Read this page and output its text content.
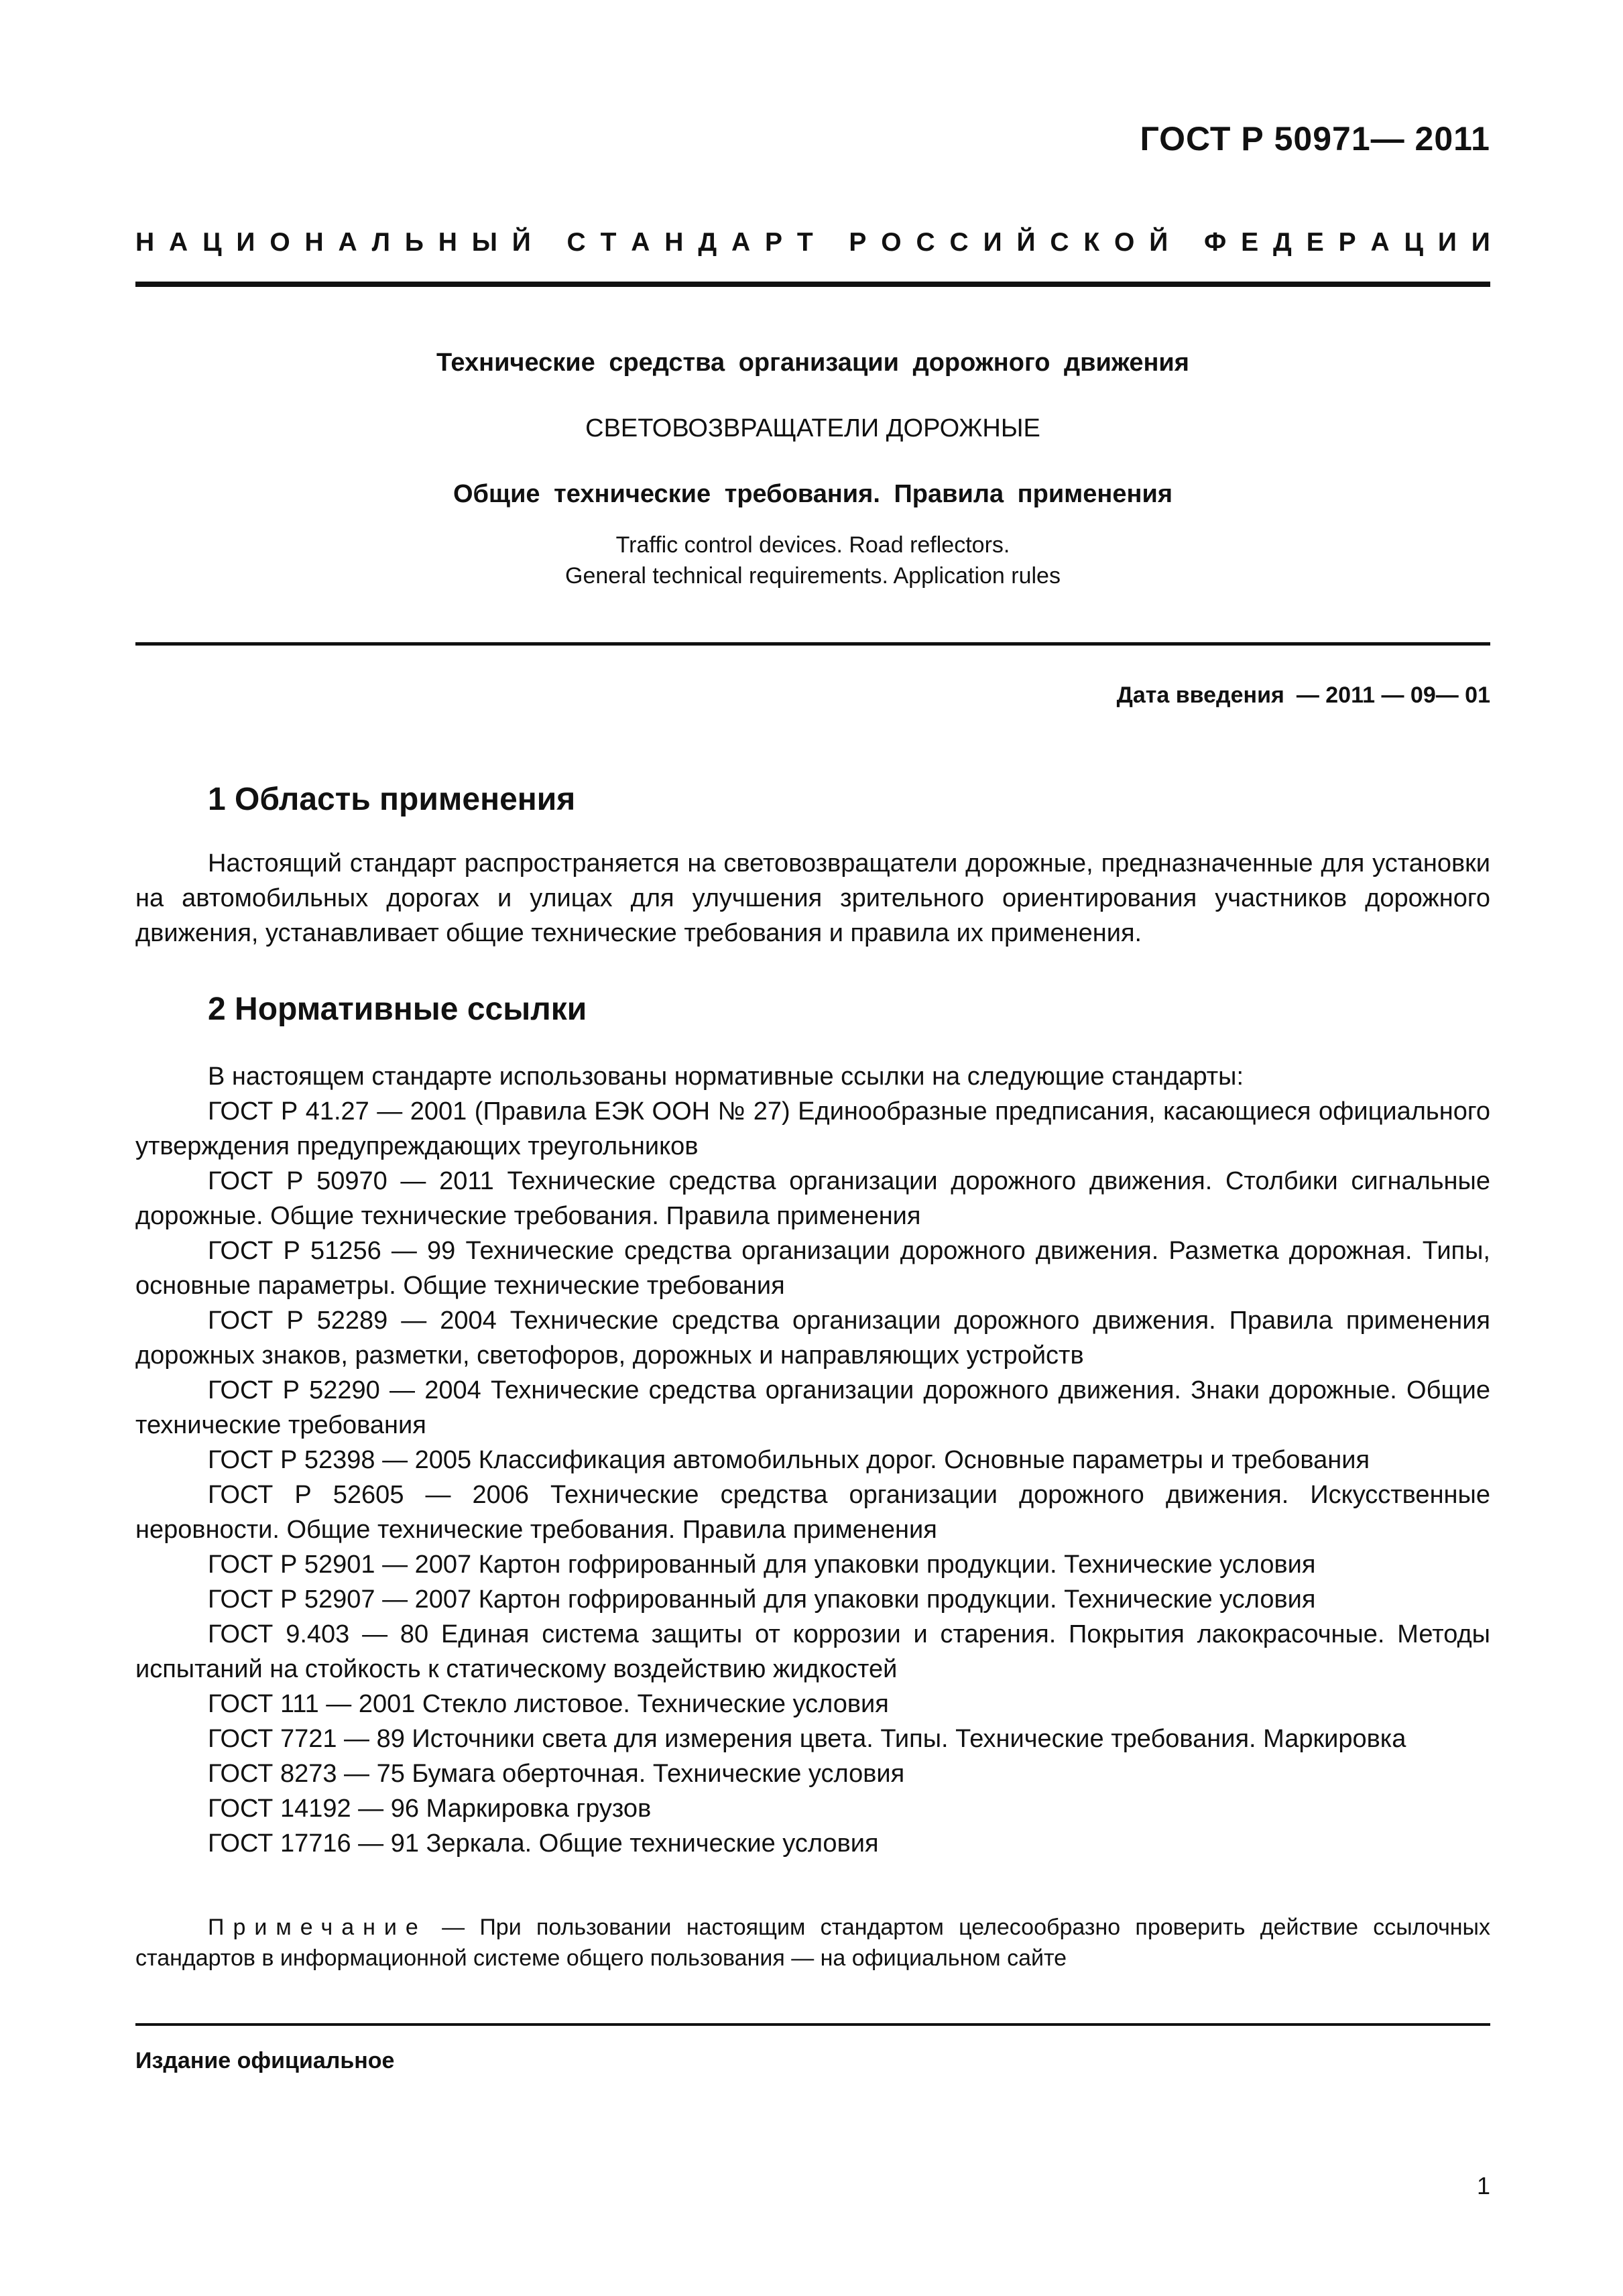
ГОСТ Р 50971— 2011
Н А Ц И О Н А Л Ь Н Ы Й С Т А Н Д А Р Т Р О С С И Й С К О Й Ф Е Д Е Р А Ц И И
Технические средства организации дорожного движения
СВЕТОВОЗВРАЩАТЕЛИ ДОРОЖНЫЕ
Общие технические требования. Правила применения
Traffic control devices. Road reflectors.
General technical requirements. Application rules
Дата введения — 2011 — 09— 01
1 Область применения

Настоящий стандарт распространяется на световозвращатели дорожные, предназначенные для установки на автомобильных дорогах и улицах для улучшения зрительного ориентирования участников дорожного движения, устанавливает общие технические требования и правила их применения.

2 Нормативные ссылки

В настоящем стандарте использованы нормативные ссылки на следующие стандарты:

ГОСТ Р 41.27 — 2001 (Правила ЕЭК ООН № 27) Единообразные предписания, касающиеся официального утверждения предупреждающих треугольников

ГОСТ Р 50970 — 2011 Технические средства организации дорожного движения. Столбики сигнальные дорожные. Общие технические требования. Правила применения

ГОСТ Р 51256 — 99 Технические средства организации дорожного движения. Разметка дорожная. Типы, основные параметры. Общие технические требования

ГОСТ Р 52289 — 2004 Технические средства организации дорожного движения. Правила применения дорожных знаков, разметки, светофоров, дорожных и направляющих устройств

ГОСТ Р 52290 — 2004 Технические средства организации дорожного движения. Знаки дорожные. Общие технические требования

ГОСТ Р 52398 — 2005 Классификация автомобильных дорог. Основные параметры и требования

ГОСТ Р 52605 — 2006 Технические средства организации дорожного движения. Искусственные неровности. Общие технические требования. Правила применения

ГОСТ Р 52901 — 2007 Картон гофрированный для упаковки продукции. Технические условия

ГОСТ Р 52907 — 2007 Картон гофрированный для упаковки продукции. Технические условия

ГОСТ 9.403 — 80 Единая система защиты от коррозии и старения. Покрытия лакокрасочные. Методы испытаний на стойкость к статическому воздействию жидкостей

ГОСТ 111 — 2001 Стекло листовое. Технические условия

ГОСТ 7721 — 89 Источники света для измерения цвета. Типы. Технические требования. Маркировка

ГОСТ 8273 — 75 Бумага оберточная. Технические условия

ГОСТ 14192 — 96 Маркировка грузов

ГОСТ 17716 — 91 Зеркала. Общие технические условия

Примечание — При пользовании настоящим стандартом целесообразно проверить действие ссылочных стандартов в информационной системе общего пользования — на официальном сайте
Издание официальное
1
